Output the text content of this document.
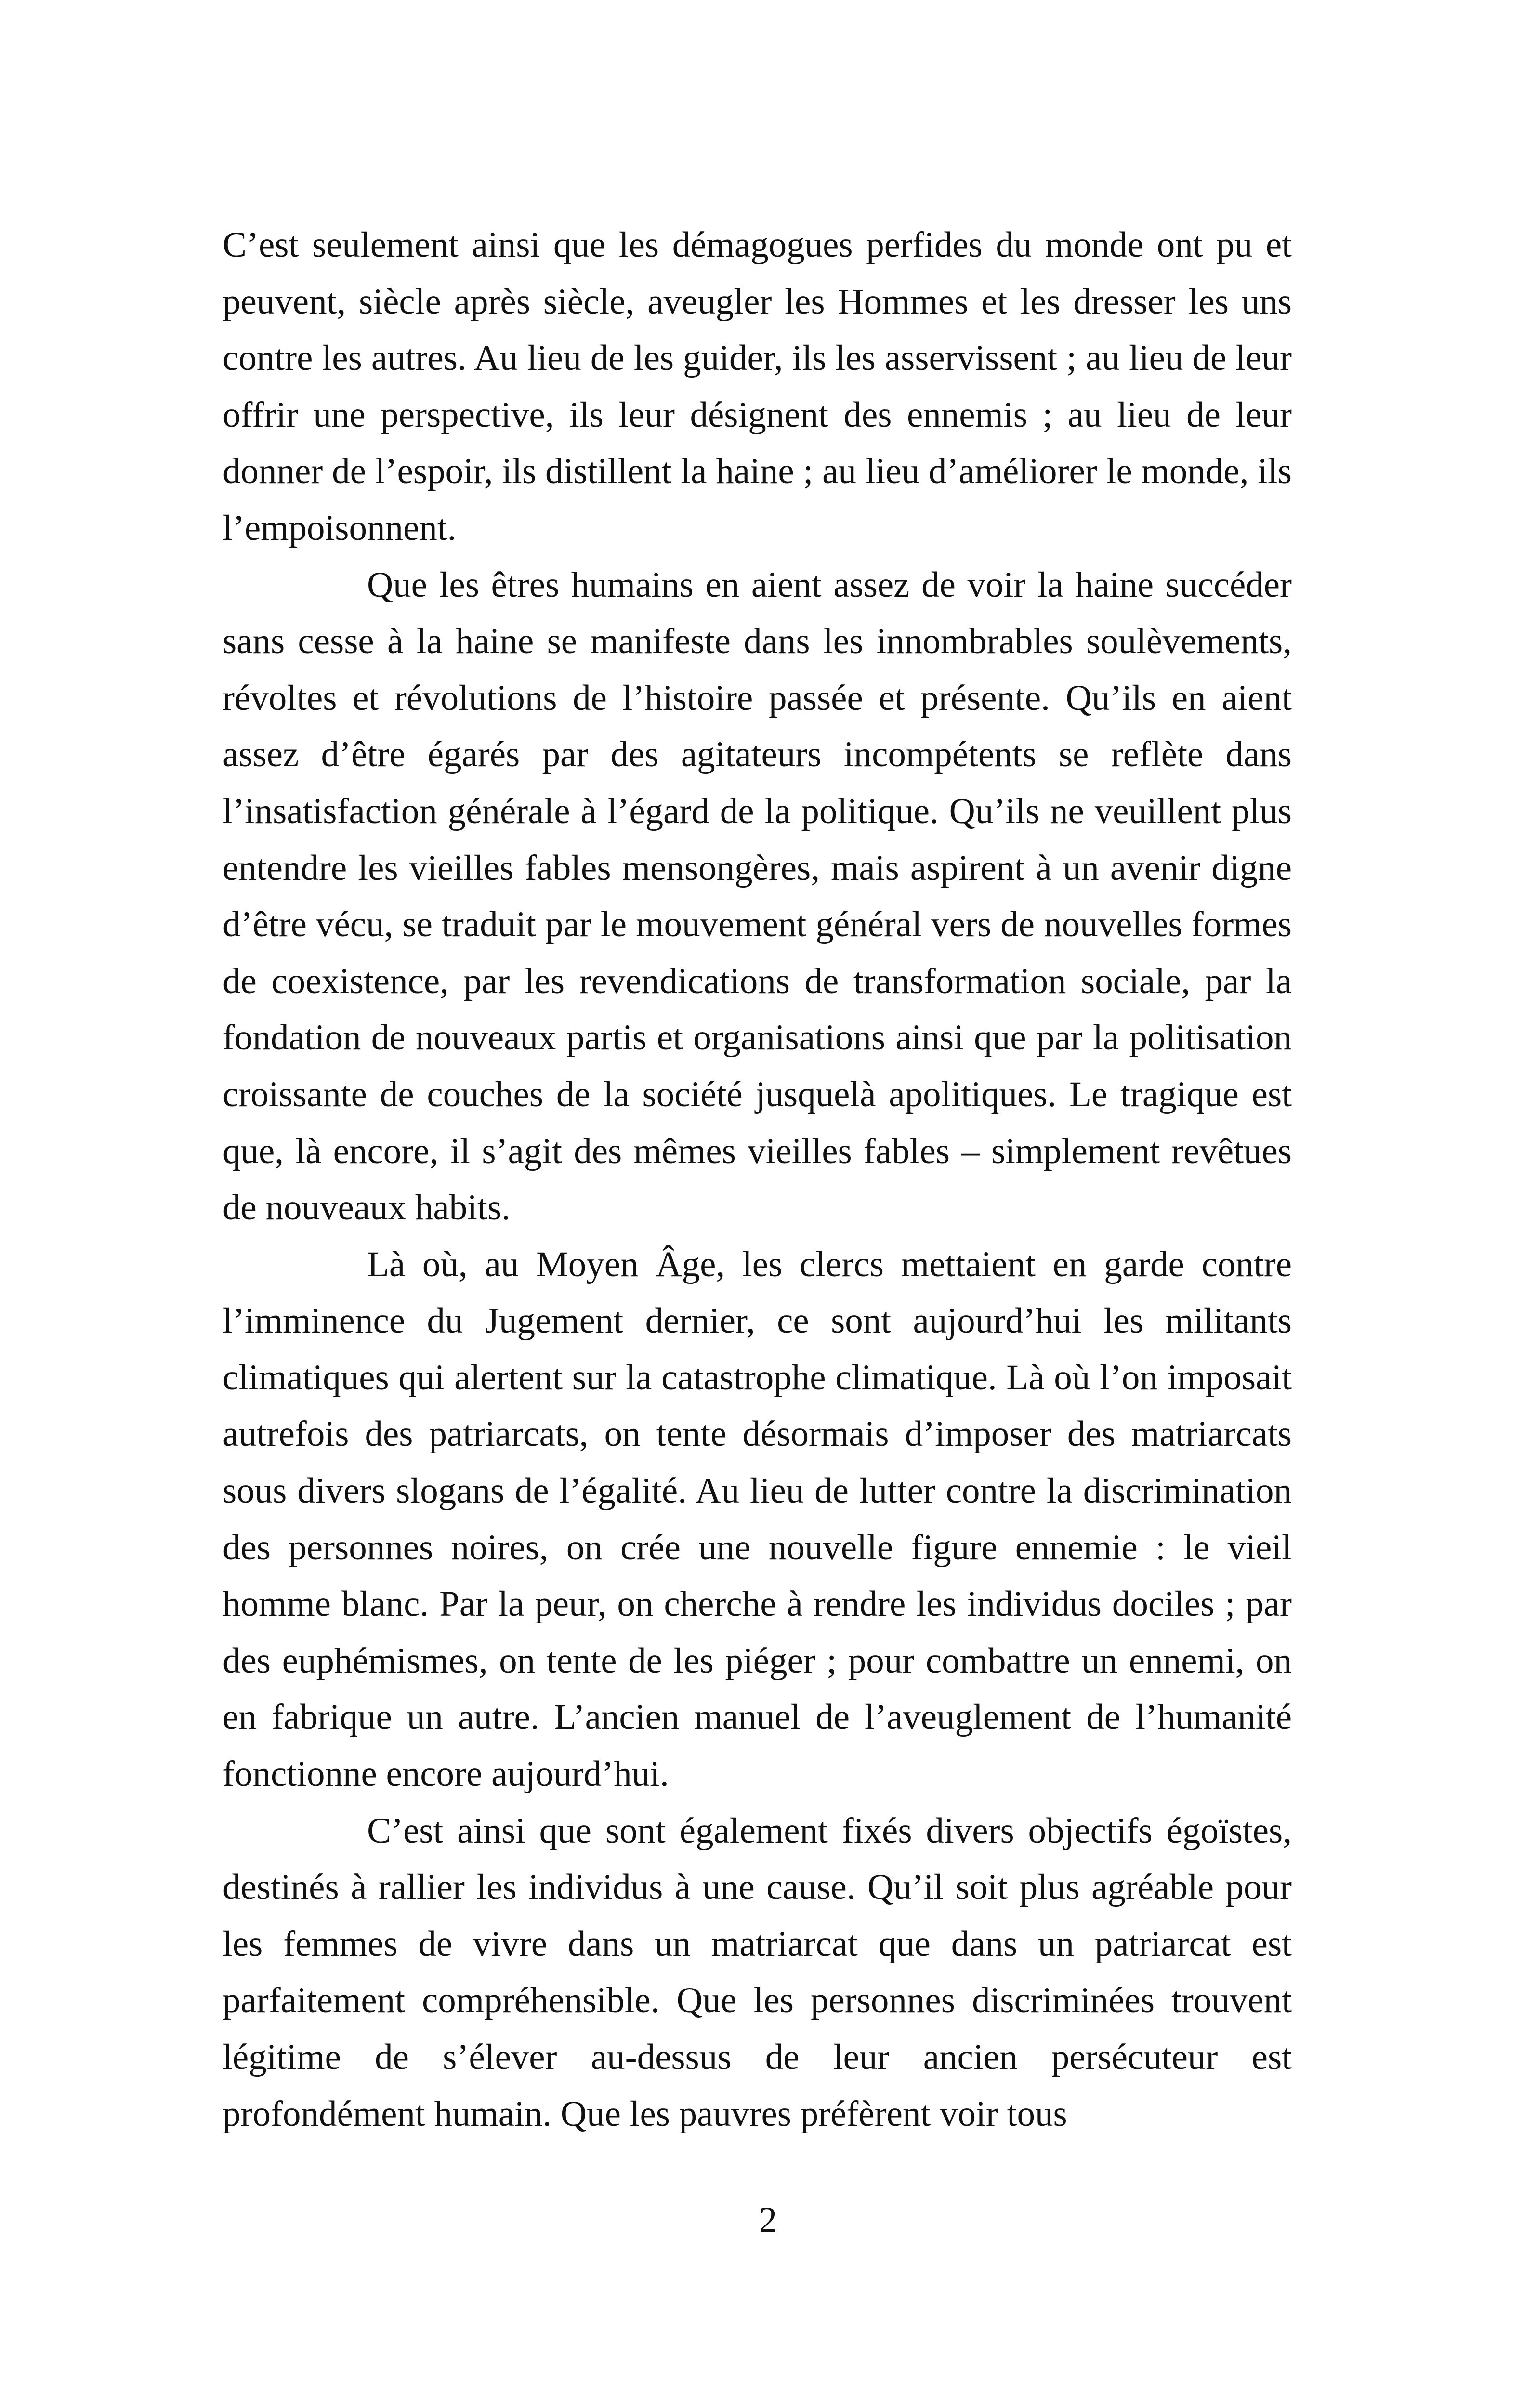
C’est seulement ainsi que les démagogues perfides du monde ont pu et peuvent, siècle après siècle, aveugler les Hommes et les dresser les uns contre les autres. Au lieu de les guider, ils les asservissent ; au lieu de leur offrir une perspective, ils leur désignent des ennemis ; au lieu de leur donner de l’espoir, ils distillent la haine ; au lieu d’améliorer le monde, ils l’empoisonnent.

Que les êtres humains en aient assez de voir la haine succéder sans cesse à la haine se manifeste dans les innombrables soulèvements, révoltes et révolutions de l’histoire passée et présente. Qu’ils en aient assez d’être égarés par des agitateurs incompétents se reflète dans l’insatisfaction générale à l’égard de la politique. Qu’ils ne veuillent plus entendre les vieilles fables mensongères, mais aspirent à un avenir digne d’être vécu, se traduit par le mouvement général vers de nouvelles formes de coexistence, par les revendications de transformation sociale, par la fondation de nouveaux partis et organisations ainsi que par la politisation croissante de couches de la société jusquelà apolitiques. Le tragique est que, là encore, il s’agit des mêmes vieilles fables – simplement revêtues de nouveaux habits.

Là où, au Moyen Âge, les clercs mettaient en garde contre l’imminence du Jugement dernier, ce sont aujourd’hui les militants climatiques qui alertent sur la catastrophe climatique. Là où l’on imposait autrefois des patriarcats, on tente désormais d’imposer des matriarcats sous divers slogans de l’égalité. Au lieu de lutter contre la discrimination des personnes noires, on crée une nouvelle figure ennemie : le vieil homme blanc. Par la peur, on cherche à rendre les individus dociles ; par des euphémismes, on tente de les piéger ; pour combattre un ennemi, on en fabrique un autre. L’ancien manuel de l’aveuglement de l’humanité fonctionne encore aujourd’hui.

C’est ainsi que sont également fixés divers objectifs égoïstes, destinés à rallier les individus à une cause. Qu’il soit plus agréable pour les femmes de vivre dans un matriarcat que dans un patriarcat est parfaitement compréhensible. Que les personnes discriminées trouvent légitime de s’élever au-dessus de leur ancien persécuteur est profondément humain. Que les pauvres préfèrent voir tous

2
